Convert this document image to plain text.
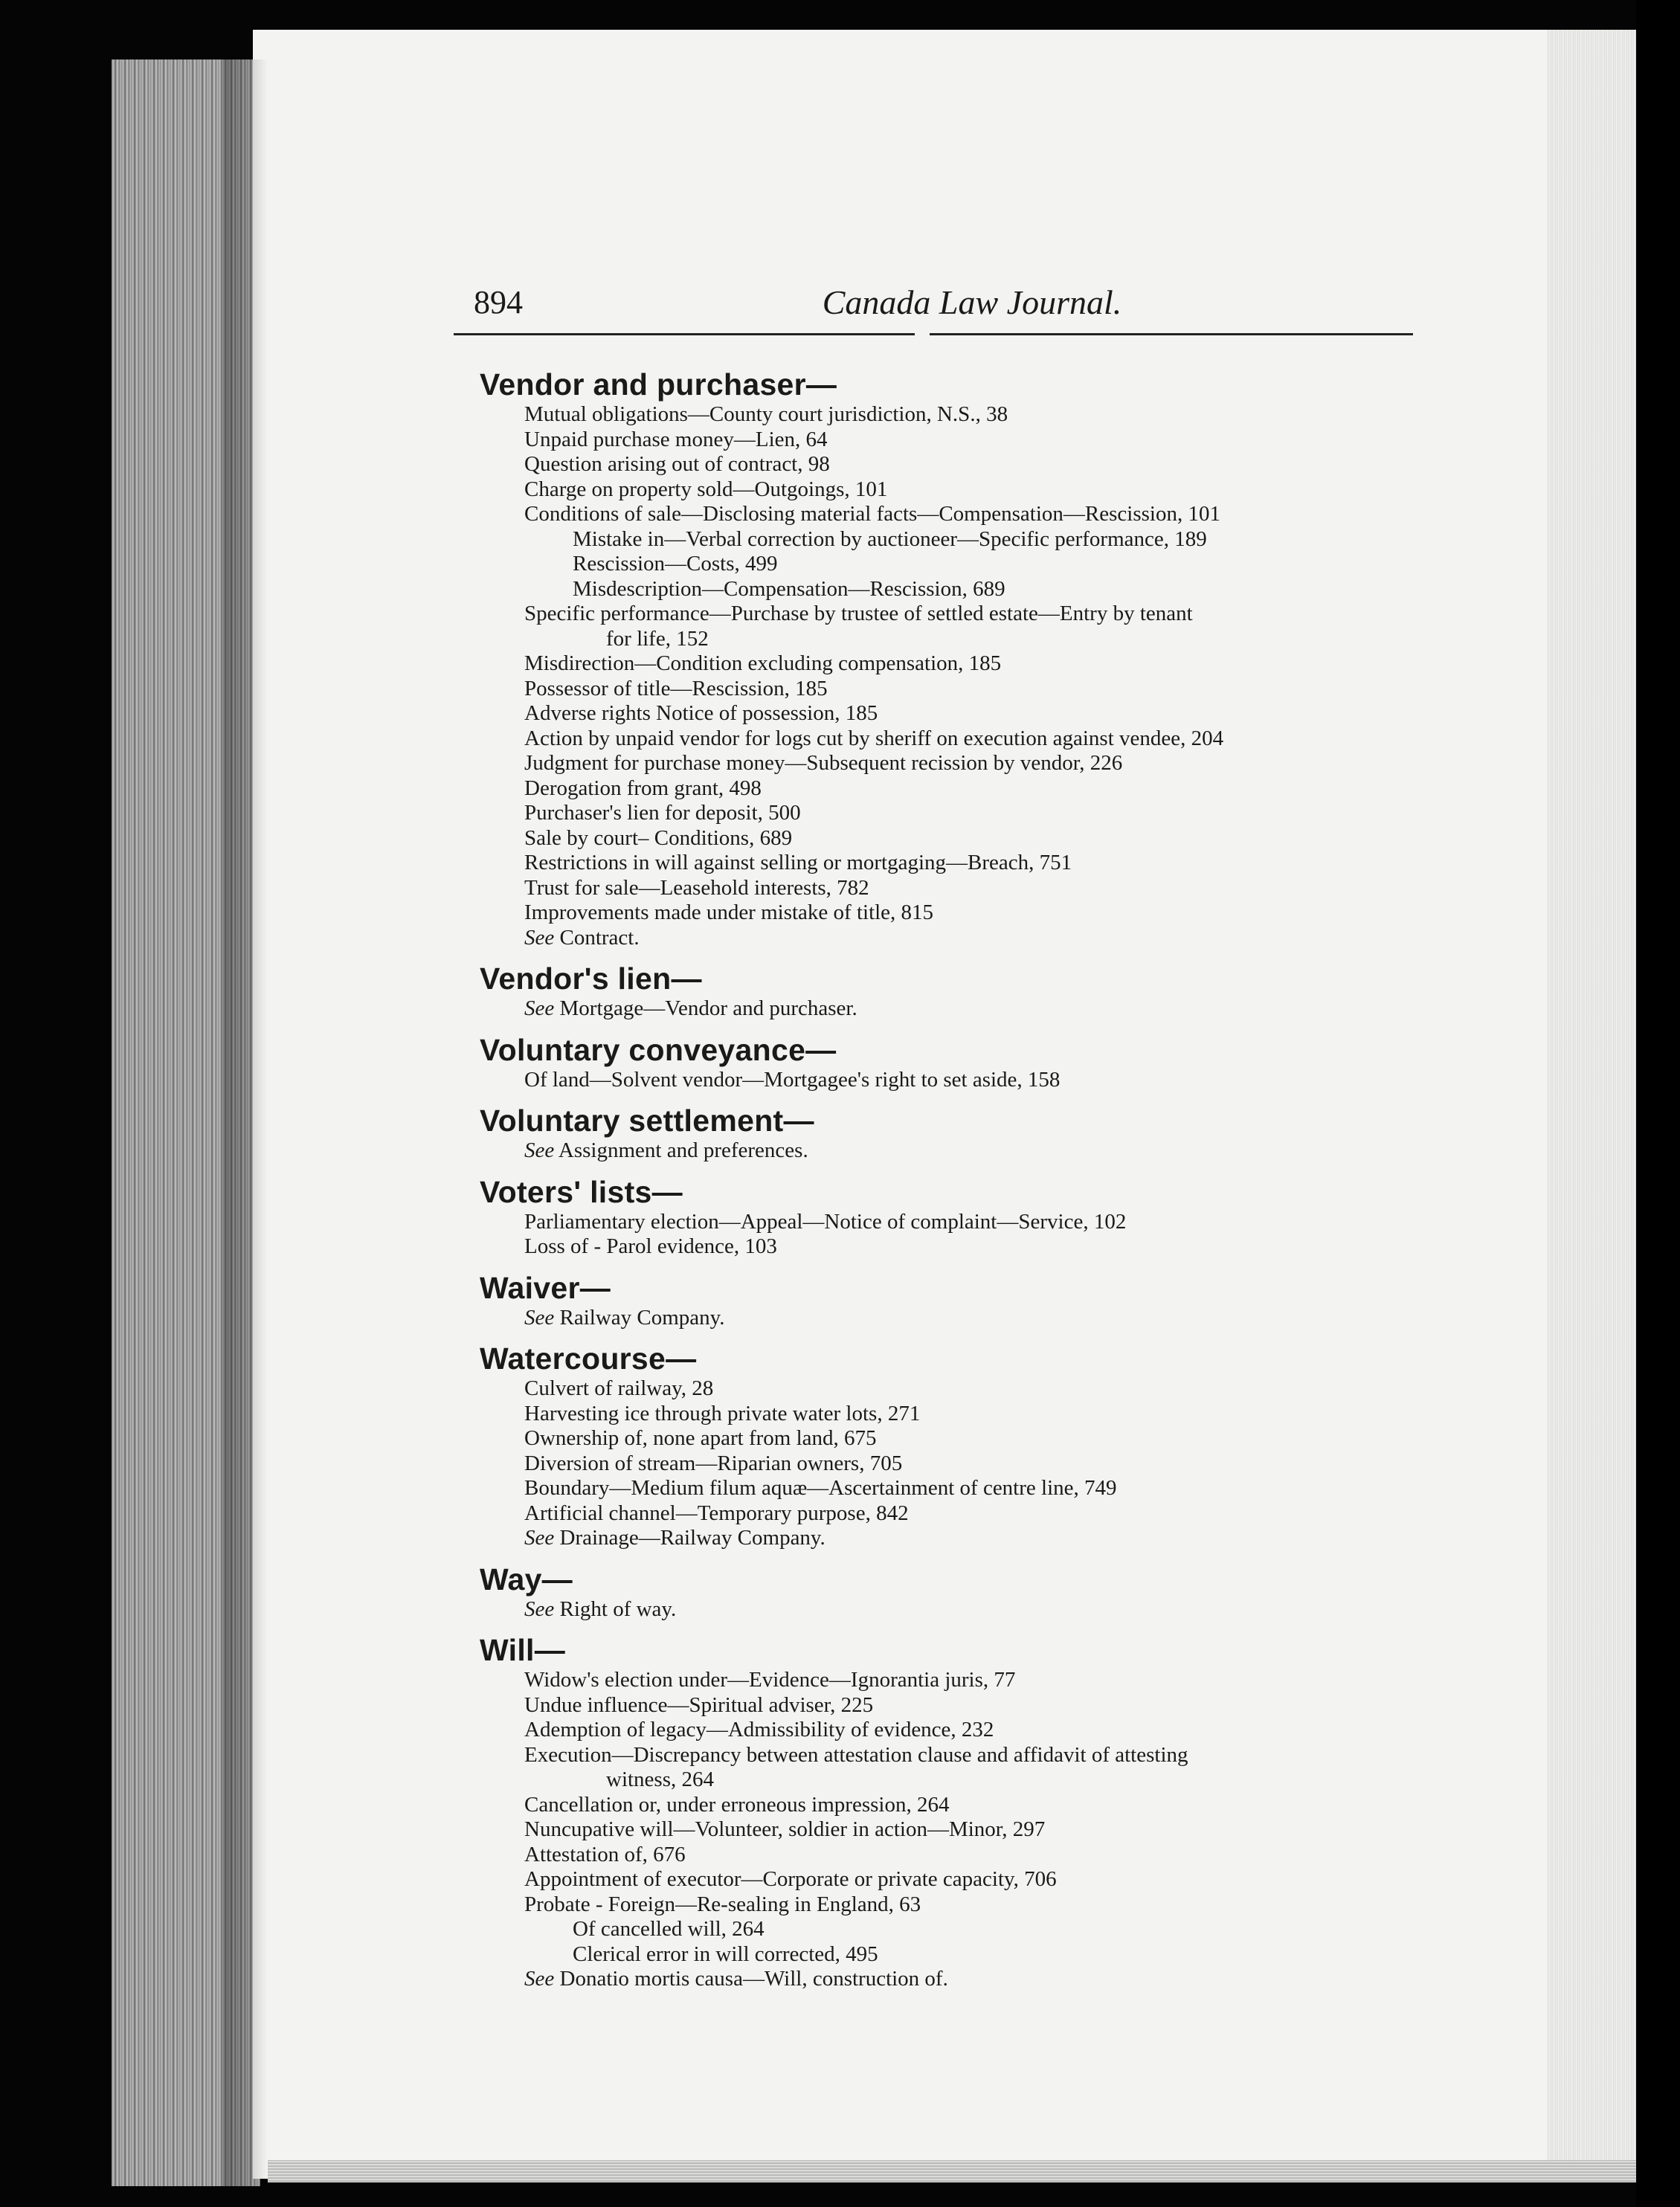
894	Canada Law Journal.
Vendor and purchaser—
Mutual obligations—County court jurisdiction, N.S., 38
Unpaid purchase money—Lien, 64
Question arising out of contract, 98
Charge on property sold—Outgoings, 101
Conditions of sale—Disclosing material facts—Compensation—Rescission, 101
Mistake in—Verbal correction by auctioneer—Specific performance, 189
Rescission—Costs, 499
Misdescription—Compensation—Rescission, 689
Specific performance—Purchase by trustee of settled estate—Entry by tenant
for life, 152
Misdirection—Condition excluding compensation, 185
Possessor of title—Rescission, 185
Adverse rights Notice of possession, 185
Action by unpaid vendor for logs cut by sheriff on execution against vendee, 204
Judgment for purchase money—Subsequent recission by vendor, 226
Derogation from grant, 498
Purchaser's lien for deposit, 500
Sale by court– Conditions, 689
Restrictions in will against selling or mortgaging—Breach, 751
Trust for sale—Leasehold interests, 782
Improvements made under mistake of title, 815
See Contract.
Vendor's lien—
See Mortgage—Vendor and purchaser.
Voluntary conveyance—
Of land—Solvent vendor—Mortgagee's right to set aside, 158
Voluntary settlement—
See Assignment and preferences.
Voters' lists—
Parliamentary election—Appeal—Notice of complaint—Service, 102
Loss of - Parol evidence, 103
Waiver—
See Railway Company.
Watercourse—
Culvert of railway, 28
Harvesting ice through private water lots, 271
Ownership of, none apart from land, 675
Diversion of stream—Riparian owners, 705
Boundary—Medium filum aquæ—Ascertainment of centre line, 749
Artificial channel—Temporary purpose, 842
See Drainage—Railway Company.
Way—
See Right of way.
Will—
Widow's election under—Evidence—Ignorantia juris, 77
Undue influence—Spiritual adviser, 225
Ademption of legacy—Admissibility of evidence, 232
Execution—Discrepancy between attestation clause and affidavit of attesting
witness, 264
Cancellation or, under erroneous impression, 264
Nuncupative will—Volunteer, soldier in action—Minor, 297
Attestation of, 676
Appointment of executor—Corporate or private capacity, 706
Probate - Foreign—Re-sealing in England, 63
Of cancelled will, 264
Clerical error in will corrected, 495
See Donatio mortis causa—Will, construction of.
